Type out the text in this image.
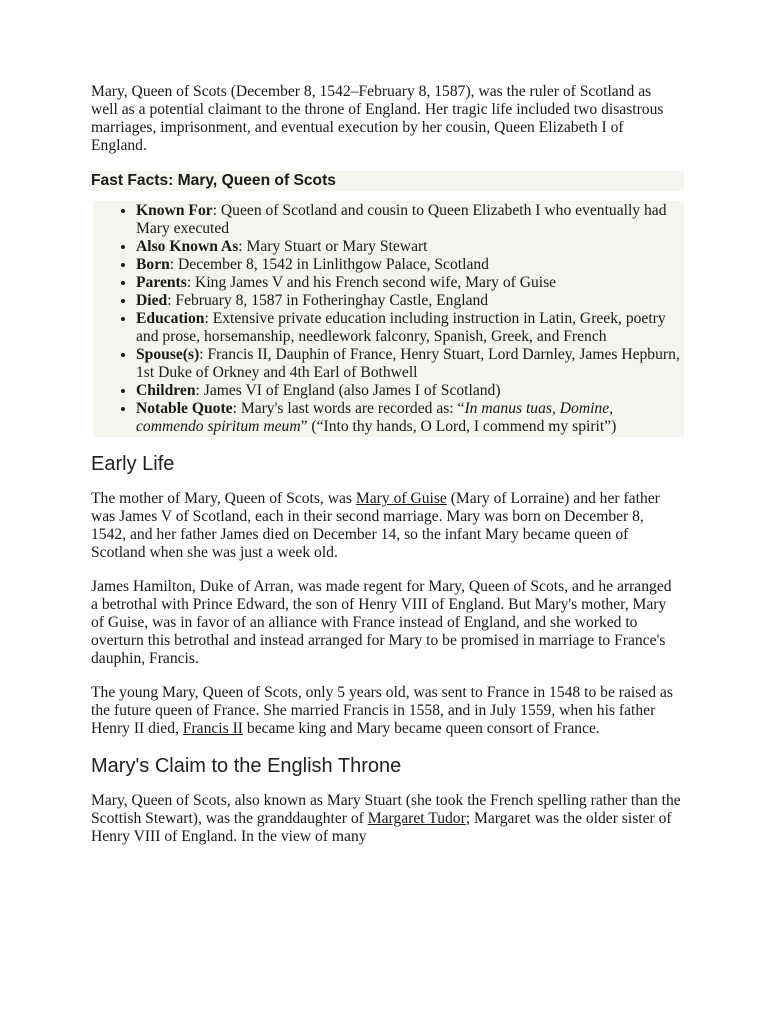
Mary, Queen of Scots (December 8, 1542–February 8, 1587), was the ruler of Scotland as well as a potential claimant to the throne of England. Her tragic life included two disastrous marriages, imprisonment, and eventual execution by her cousin, Queen Elizabeth I of England.

Fast Facts: Mary, Queen of Scots
• Known For: Queen of Scotland and cousin to Queen Elizabeth I who eventually had Mary executed
• Also Known As: Mary Stuart or Mary Stewart
• Born: December 8, 1542 in Linlithgow Palace, Scotland
• Parents: King James V and his French second wife, Mary of Guise
• Died: February 8, 1587 in Fotheringhay Castle, England
• Education: Extensive private education including instruction in Latin, Greek, poetry and prose, horsemanship, needlework falconry, Spanish, Greek, and French
• Spouse(s): Francis II, Dauphin of France, Henry Stuart, Lord Darnley, James Hepburn, 1st Duke of Orkney and 4th Earl of Bothwell
• Children: James VI of England (also James I of Scotland)
• Notable Quote: Mary's last words are recorded as: “In manus tuas, Domine, commendo spiritum meum” (“Into thy hands, O Lord, I commend my spirit”)
Early Life

The mother of Mary, Queen of Scots, was Mary of Guise (Mary of Lorraine) and her father was James V of Scotland, each in their second marriage. Mary was born on December 8, 1542, and her father James died on December 14, so the infant Mary became queen of Scotland when she was just a week old.

James Hamilton, Duke of Arran, was made regent for Mary, Queen of Scots, and he arranged a betrothal with Prince Edward, the son of Henry VIII of England. But Mary's mother, Mary of Guise, was in favor of an alliance with France instead of England, and she worked to overturn this betrothal and instead arranged for Mary to be promised in marriage to France's dauphin, Francis.

The young Mary, Queen of Scots, only 5 years old, was sent to France in 1548 to be raised as the future queen of France. She married Francis in 1558, and in July 1559, when his father Henry II died, Francis II became king and Mary became queen consort of France.

Mary's Claim to the English Throne

Mary, Queen of Scots, also known as Mary Stuart (she took the French spelling rather than the Scottish Stewart), was the granddaughter of Margaret Tudor; Margaret was the older sister of Henry VIII of England. In the view of many
